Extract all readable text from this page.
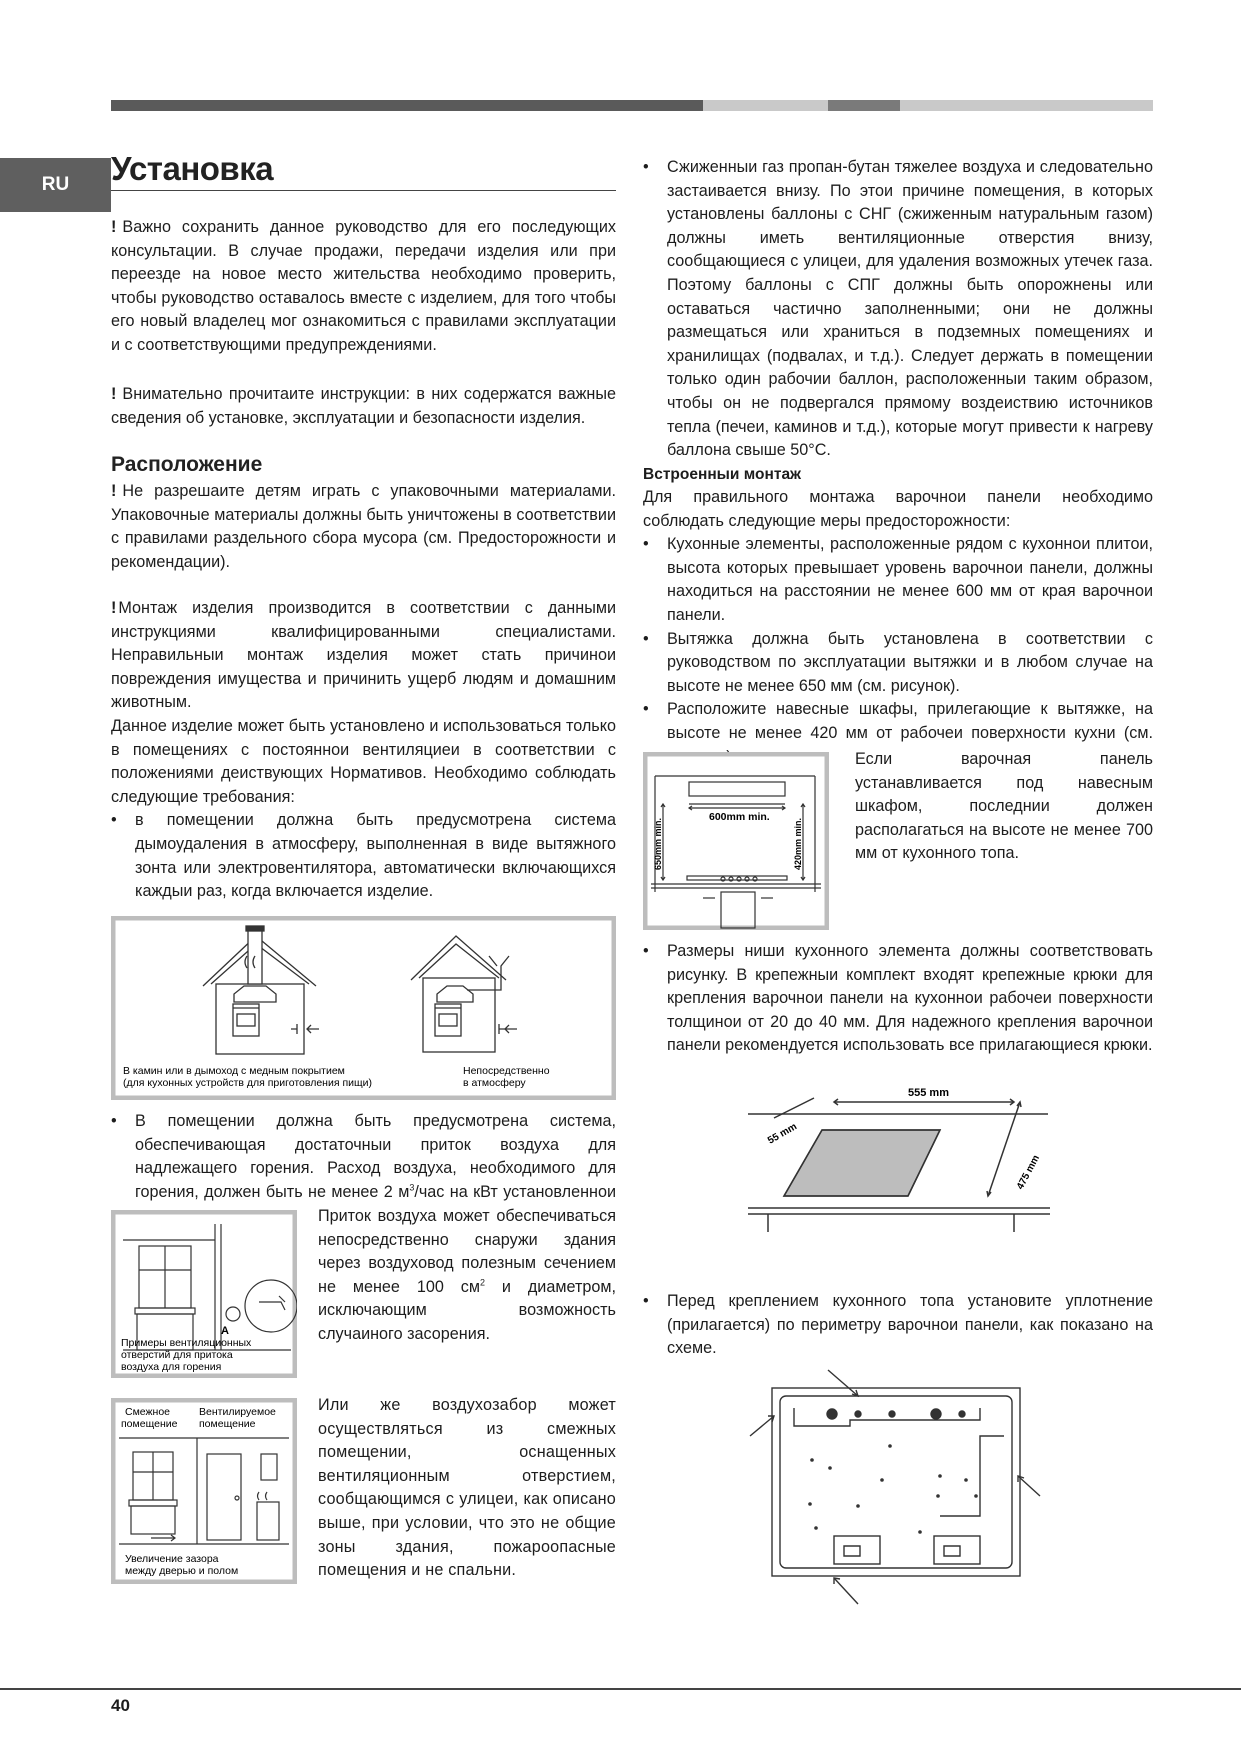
RU Установка

! Важно сохранить данное руководство для его последующих консультации. В случае продажи, передачи изделия или при переезде на новое место жительства необходимо проверить, чтобы руководство оставалось вместе с изделием, для того чтобы его новый владелец мог ознакомиться с правилами эксплуатации и с соответствующими предупреждениями.

! Внимательно прочитаите инструкции: в них содержатся важные сведения об установке, эксплуатации и безопасности изделия.

Расположение

! Не разрешаите детям играть с упаковочными материалами. Упаковочные материалы должны быть уничтожены в соответствии с правилами раздельного сбора мусора (см. Предосторожности и рекомендации).

! Монтаж изделия производится в соответствии с данными инструкциями квалифицированными специалистами. Неправильныи монтаж изделия может стать причинои повреждения имущества и причинить ущерб людям и домашним животным.

Данное изделие может быть установлено и использоваться только в помещениях с постояннои вентиляциеи в соответствии с положениями деиствующих Нормативов. Необходимо соблюдать следующие требования:

• в помещении должна быть предусмотрена система дымоудаления в атмосферу, выполненная в виде вытяжного зонта или электровентилятора, автоматически включающихся каждыи раз, когда включается изделие.
В камин или в дымоход с медным покрытием
(для кухонных устройств для приготовления пищи)
Непосредственно
в атмосферу
• В помещении должна быть предусмотрена система, обеспечивающая достаточныи приток воздуха для надлежащего горения. Расход воздуха, необходимого для горения, должен быть не менее 2 $м^3$/час на кВт установленнои
A
Примеры вентиляционных
отверстий для притока
воздуха для горения

Приток воздуха может обеспечиваться непосредственно снаружи здания через воздуховод полезным сечением не менее 100 $см^2$ и диаметром, исключающим возможность случаиного засорения.

Смежное
помещение
Вентилируемое
помещение
Увеличение зазора
между дверью и полом

Или же воздухозабор может осуществляться из смежных помещении, оснащенных вентиляционным отверстием, сообщающимся с улицеи, как описано выше, при условии, что это не общие зоны здания, пожароопасные помещения и не спальни.

• Сжиженныи газ пропан-бутан тяжелее воздуха и следовательно застаивается внизу. По этои причине помещения, в которых установлены баллоны с СНГ (сжиженным натуральным газом) должны иметь вентиляционные отверстия внизу, сообщающиеся с улицеи, для удаления возможных утечек газа. Поэтому баллоны с СПГ должны быть опорожнены или оставаться частично заполненными; они не должны размещаться или храниться в подземных помещениях и хранилищах (подвалах, и т.д.). Следует держать в помещении только один рабочии баллон, расположенныи таким образом, чтобы он не подвергался прямому воздеиствию источников тепла (печеи, каминов и т.д.), которые могут привести к нагреву баллона свыше 50°С.
Встроенныи монтаж

Для правильного монтажа варочнои панели необходимо соблюдать следующие меры предосторожности:

• Кухонные элементы, расположенные рядом с кухоннои плитои, высота которых превышает уровень варочнои панели, должны находиться на расстоянии не менее 600 мм от края варочнои панели.
• Вытяжка должна быть установлена в соответствии с руководством по эксплуатации вытяжки и в любом случае на высоте не менее 650 мм (см. рисунок).
• Расположите навесные шкафы, прилегающие к вытяжке, на высоте не менее 420 мм от рабочеи поверхности кухни (см.
600mm min.
650mm min.	420mm min.

Если варочная панель устанавливается под навесным шкафом, последнии должен располагаться на высоте не менее 700 мм от кухонного топа.

• Размеры ниши кухонного элемента должны соответствовать рисунку. В крепежныи комплект входят крепежные крюки для крепления варочнои панели на кухоннои рабочеи поверхности толщинои от 20 до 40 мм. Для надежного крепления варочнои панели рекомендуется использовать все прилагающиеся крюки.
555 mm
55 mm
475 mm
• Перед креплением кухонного топа установите уплотнение (прилагается) по периметру варочнои панели, как показано на схеме.
40
